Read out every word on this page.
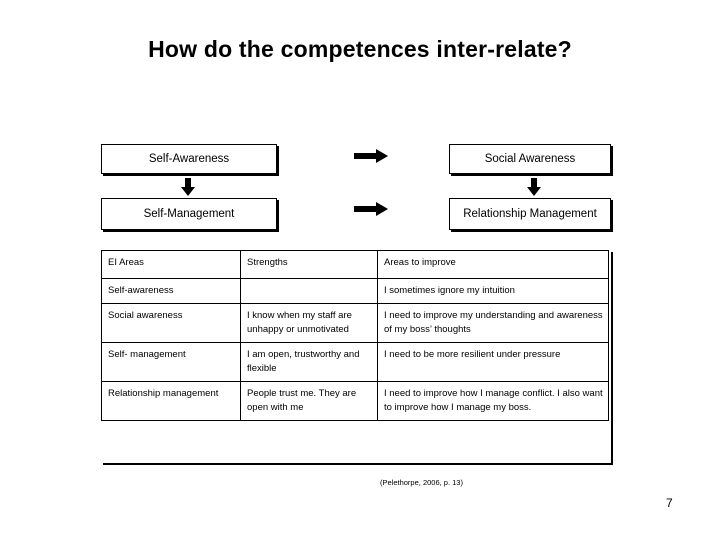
How do the competences inter-relate?
Self-Awareness	Social Awareness
Self-Management	Relationship Management
EI Areas	Strengths	Areas to improve
Self-awareness		I sometimes ignore my intuition
Social awareness	I know when my staff are unhappy or unmotivated	I need to improve my understanding and awareness of my boss’ thoughts
Self- management	I am open, trustworthy and flexible	I need to be more resilient under pressure
Relationship management	People trust me. They are open with me	I need to improve how I manage conflict. I also want to improve how I manage my boss.
(Pelethorpe, 2006, p. 13)
7
